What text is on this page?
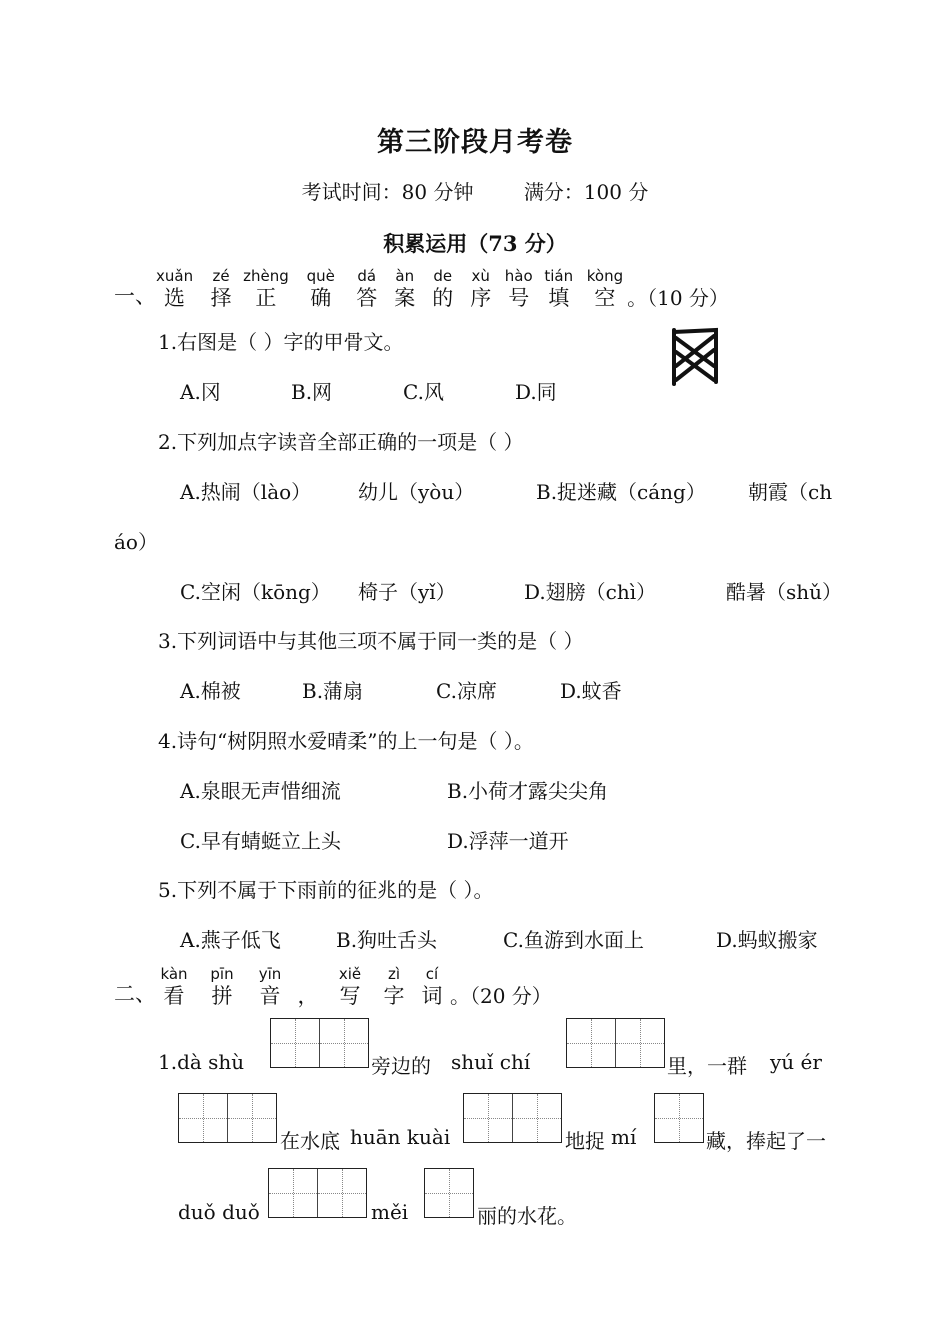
第三阶段月考卷
考试时间：80 分钟	满分：100 分
积累运用（73 分）
一、
xuǎn
选
zé
择
zhèng
正
què
确
dá
答
àn
案
de
的
xù
序
hào
号
tián
填
kòng
空 。（10 分）
1.右图是（ ）字的甲骨文。
A.冈	B.网	C.风	D.同
2.下列加点字读音全部正确的一项是（ ）
A.热闹（lào） 幼儿（yòu）	B.捉迷藏（cáng） 朝霞（ch
áo）
C.空闲（kōng） 椅子（yǐ）	D.翅膀（chì）	酷暑（shǔ）
3.下列词语中与其他三项不属于同一类的是（ ）
A.棉被	B.蒲扇	C.凉席	D.蚊香
4.诗句“树阴照水爱晴柔”的上一句是（ ）。
A.泉眼无声惜细流	B.小荷才露尖尖角
C.早有蜻蜓立上头	D.浮萍一道开
5.下列不属于下雨前的征兆的是（ ）。
A.燕子低飞	B.狗吐舌头	C.鱼游到水面上	D.蚂蚁搬家
二、
kàn
看
pīn
拼
yīn
音 ，
xiě
写
zì
字
cí
词 。（20 分）
1.dà shù	旁边的 shuǐ chí	里，一群 yú ér
在水底 huān kuài	地捉 mí	藏，捧起了一
duǒ duǒ	měi	丽的水花。
